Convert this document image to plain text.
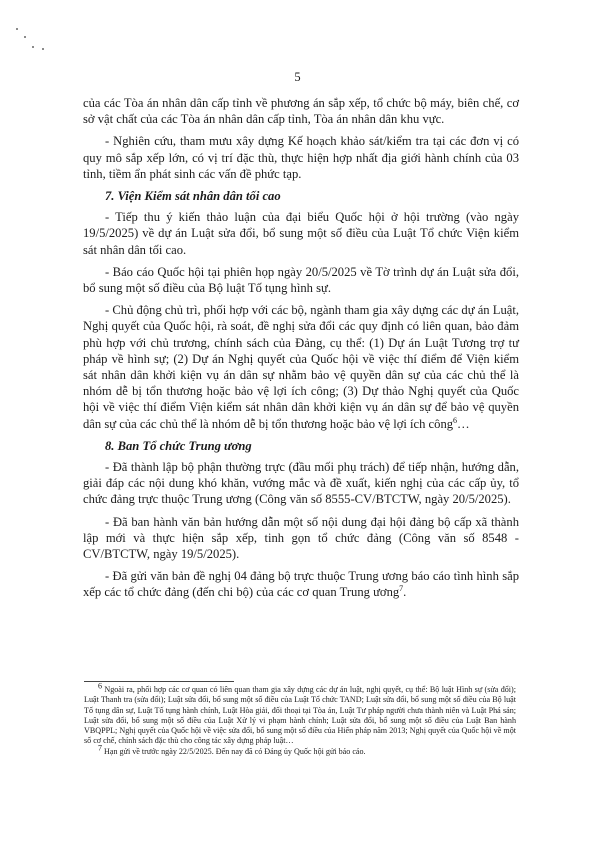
5

của các Tòa án nhân dân cấp tỉnh về phương án sắp xếp, tổ chức bộ máy, biên chế, cơ sở vật chất của các Tòa án nhân dân cấp tỉnh, Tòa án nhân dân khu vực.

- Nghiên cứu, tham mưu xây dựng Kế hoạch khảo sát/kiểm tra tại các đơn vị có quy mô sắp xếp lớn, có vị trí đặc thù, thực hiện hợp nhất địa giới hành chính của 03 tỉnh, tiềm ẩn phát sinh các vấn đề phức tạp.

7. Viện Kiểm sát nhân dân tối cao

- Tiếp thu ý kiến thảo luận của đại biểu Quốc hội ở hội trường (vào ngày 19/5/2025) về dự án Luật sửa đổi, bổ sung một số điều của Luật Tổ chức Viện kiểm sát nhân dân tối cao.

- Báo cáo Quốc hội tại phiên họp ngày 20/5/2025 về Tờ trình dự án Luật sửa đổi, bổ sung một số điều của Bộ luật Tố tụng hình sự.

- Chủ động chủ trì, phối hợp với các bộ, ngành tham gia xây dựng các dự án Luật, Nghị quyết của Quốc hội, rà soát, đề nghị sửa đổi các quy định có liên quan, bảo đảm phù hợp với chủ trương, chính sách của Đảng, cụ thể: (1) Dự án Luật Tương trợ tư pháp về hình sự; (2) Dự án Nghị quyết của Quốc hội về việc thí điểm để Viện kiểm sát nhân dân khởi kiện vụ án dân sự nhằm bảo vệ quyền dân sự của các chủ thể là nhóm dễ bị tổn thương hoặc bảo vệ lợi ích công; (3) Dự thảo Nghị quyết của Quốc hội về việc thí điểm Viện kiểm sát nhân dân khởi kiện vụ án dân sự để bảo vệ quyền dân sự của các chủ thể là nhóm dễ bị tổn thương hoặc bảo vệ lợi ích công$^6$…

8. Ban Tổ chức Trung ương

- Đã thành lập bộ phận thường trực (đầu mối phụ trách) để tiếp nhận, hướng dẫn, giải đáp các nội dung khó khăn, vướng mắc và đề xuất, kiến nghị của các cấp ủy, tổ chức đảng trực thuộc Trung ương (Công văn số 8555-CV/BTCTW, ngày 20/5/2025).

- Đã ban hành văn bản hướng dẫn một số nội dung đại hội đảng bộ cấp xã thành lập mới và thực hiện sắp xếp, tinh gọn tổ chức đảng (Công văn số 8548 - CV/BTCTW, ngày 19/5/2025).

- Đã gửi văn bản đề nghị 04 đảng bộ trực thuộc Trung ương báo cáo tình hình sắp xếp các tổ chức đảng (đến chi bộ) của các cơ quan Trung ương$^7$.

$^6$ Ngoài ra, phối hợp các cơ quan có liên quan tham gia xây dựng các dự án luật, nghị quyết, cụ thể: Bộ luật Hình sự (sửa đổi); Luật Thanh tra (sửa đổi); Luật sửa đổi, bổ sung một số điều của Luật Tổ chức TAND; Luật sửa đổi, bổ sung một số điều của Bộ luật Tố tụng dân sự, Luật Tố tụng hành chính, Luật Hòa giải, đối thoại tại Tòa án, Luật Tư pháp người chưa thành niên và Luật Phá sản; Luật sửa đổi, bổ sung một số điều của Luật Xử lý vi phạm hành chính; Luật sửa đổi, bổ sung một số điều của Luật Ban hành VBQPPL; Nghị quyết của Quốc hội về việc sửa đổi, bổ sung một số điều của Hiến pháp năm 2013; Nghị quyết của Quốc hội về một số cơ chế, chính sách đặc thù cho công tác xây dựng pháp luật…

$^7$ Hạn gửi về trước ngày 22/5/2025. Đến nay đã có Đảng ủy Quốc hội gửi báo cáo.
